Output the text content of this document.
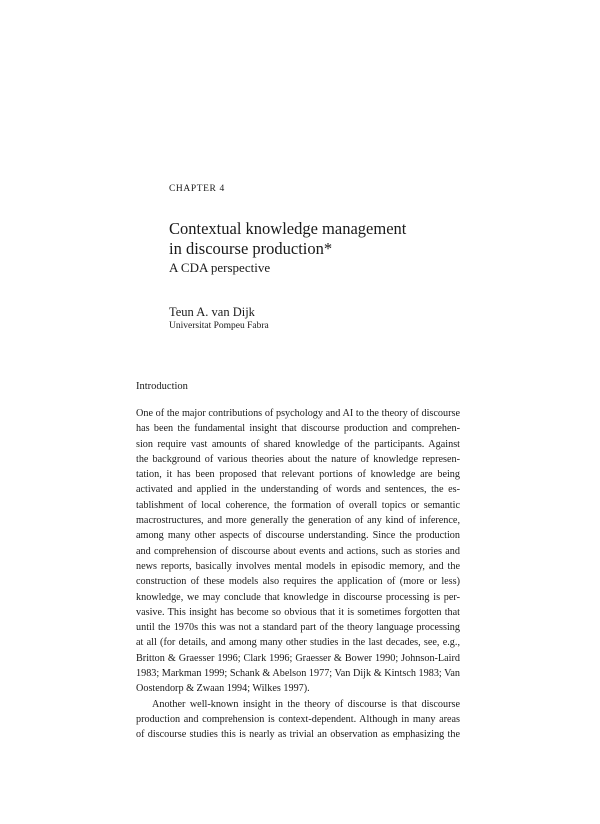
CHAPTER 4
Contextual knowledge management
in discourse production*
A CDA perspective
Teun A. van Dijk
Universitat Pompeu Fabra
Introduction
One of the major contributions of psychology and AI to the theory of discourse
has been the fundamental insight that discourse production and comprehen-
sion require vast amounts of shared knowledge of the participants. Against
the background of various theories about the nature of knowledge represen-
tation, it has been proposed that relevant portions of knowledge are being
activated and applied in the understanding of words and sentences, the es-
tablishment of local coherence, the formation of overall topics or semantic
macrostructures, and more generally the generation of any kind of inference,
among many other aspects of discourse understanding. Since the production
and comprehension of discourse about events and actions, such as stories and
news reports, basically involves mental models in episodic memory, and the
construction of these models also requires the application of (more or less)
knowledge, we may conclude that knowledge in discourse processing is per-
vasive. This insight has become so obvious that it is sometimes forgotten that
until the 1970s this was not a standard part of the theory language processing
at all (for details, and among many other studies in the last decades, see, e.g.,
Britton & Graesser 1996; Clark 1996; Graesser & Bower 1990; Johnson-Laird
1983; Markman 1999; Schank & Abelson 1977; Van Dijk & Kintsch 1983; Van
Oostendorp & Zwaan 1994; Wilkes 1997).
Another well-known insight in the theory of discourse is that discourse
production and comprehension is context-dependent. Although in many areas
of discourse studies this is nearly as trivial an observation as emphasizing the
